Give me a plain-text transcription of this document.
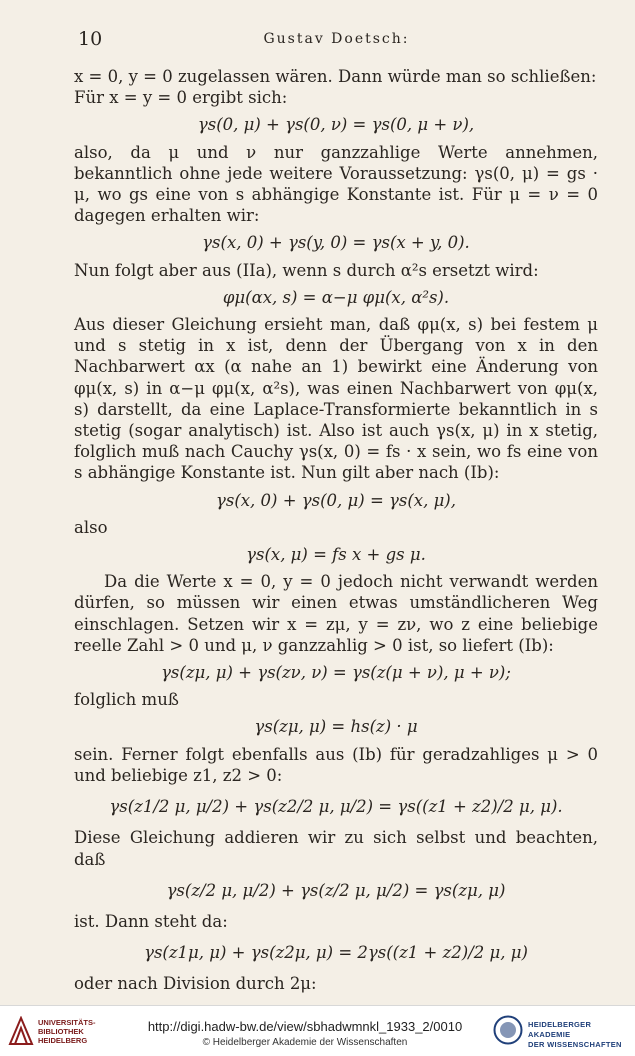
10	Gustav Doetsch:

x = 0, y = 0 zugelassen wären. Dann würde man so schließen:

Für x = y = 0 ergibt sich:

γs(0, μ) + γs(0, ν) = γs(0, μ + ν),

also, da μ und ν nur ganzzahlige Werte annehmen, bekanntlich ohne jede weitere Voraussetzung: γs(0, μ) = gs · μ, wo gs eine von s abhängige Konstante ist. Für μ = ν = 0 dagegen erhalten wir:

γs(x, 0) + γs(y, 0) = γs(x + y, 0).

Nun folgt aber aus (IIa), wenn s durch α²s ersetzt wird:

φμ(αx, s) = α−μ φμ(x, α²s).

Aus dieser Gleichung ersieht man, daß φμ(x, s) bei festem μ und s stetig in x ist, denn der Übergang von x in den Nachbarwert αx (α nahe an 1) bewirkt eine Änderung von φμ(x, s) in α−μ φμ(x, α²s), was einen Nachbarwert von φμ(x, s) darstellt, da eine Laplace-Transformierte bekanntlich in s stetig (sogar analytisch) ist. Also ist auch γs(x, μ) in x stetig, folglich muß nach Cauchy γs(x, 0) = fs · x sein, wo fs eine von s abhängige Konstante ist. Nun gilt aber nach (Ib):

γs(x, 0) + γs(0, μ) = γs(x, μ),

also

γs(x, μ) = fs x + gs μ.

Da die Werte x = 0, y = 0 jedoch nicht verwandt werden dürfen, so müssen wir einen etwas umständlicheren Weg einschlagen. Setzen wir x = zμ, y = zν, wo z eine beliebige reelle Zahl > 0 und μ, ν ganzzahlig > 0 ist, so liefert (Ib):

γs(zμ, μ) + γs(zν, ν) = γs(z(μ + ν), μ + ν);

folglich muß

γs(zμ, μ) = hs(z) · μ

sein. Ferner folgt ebenfalls aus (Ib) für geradzahliges μ > 0 und beliebige z1, z2 > 0:

γs(z1/2 μ, μ/2) + γs(z2/2 μ, μ/2) = γs((z1 + z2)/2 μ, μ).

Diese Gleichung addieren wir zu sich selbst und beachten, daß

γs(z/2 μ, μ/2) + γs(z/2 μ, μ/2) = γs(zμ, μ)

ist. Dann steht da:

γs(z1μ, μ) + γs(z2μ, μ) = 2γs((z1 + z2)/2 μ, μ)

oder nach Division durch 2μ:

UNIVERSITÄTS-
BIBLIOTHEK
HEIDELBERG
http://digi.hadw-bw.de/view/sbhadwmnkl_1933_2/0010
© Heidelberger Akademie der Wissenschaften
HEIDELBERGER AKADEMIE
DER WISSENSCHAFTEN
